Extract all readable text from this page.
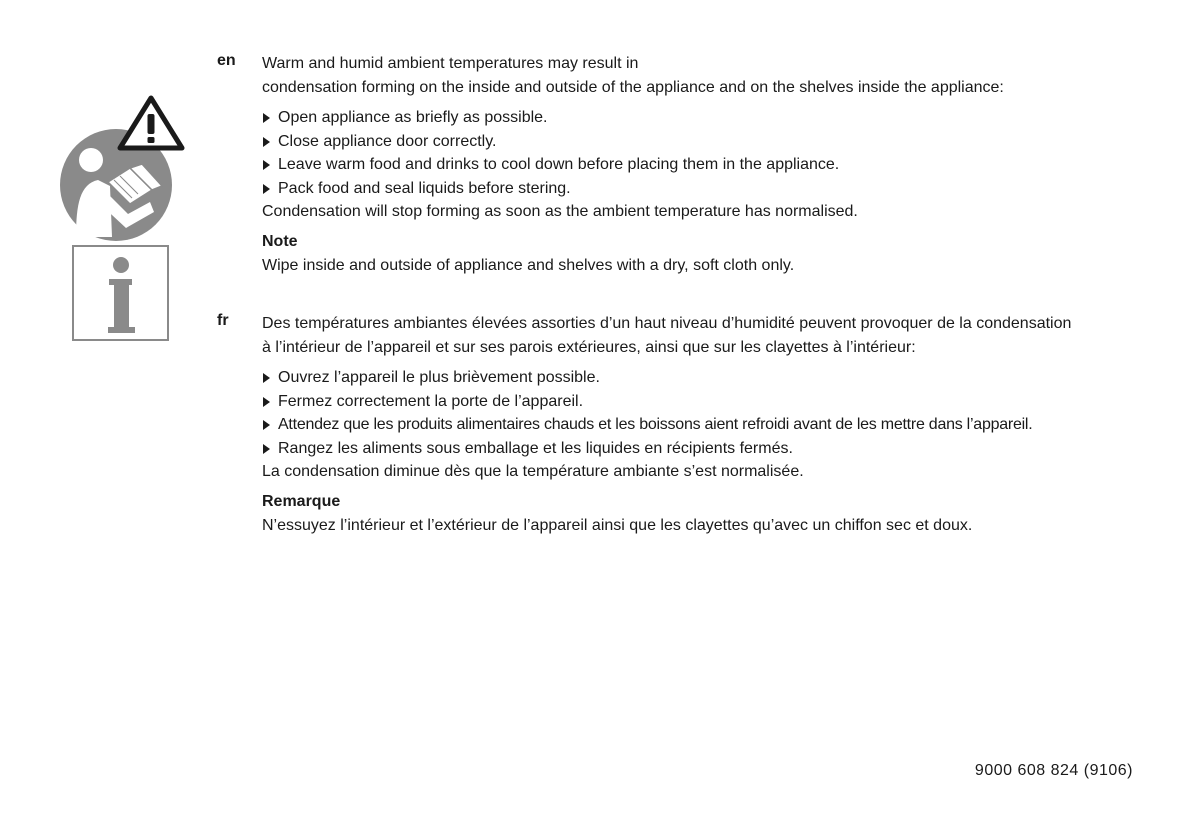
en Warm and humid ambient temperatures may result in

condensation forming on the inside and outside of the appliance and on the shelves inside the appliance:

Open appliance as briefly as possible.
Close appliance door correctly.
Leave warm food and drinks to cool down before placing them in the appliance.
Pack food and seal liquids before stering.

Condensation will stop forming as soon as the ambient temperature has normalised.

Note

Wipe inside and outside of appliance and shelves with a dry, soft cloth only.

fr Des températures ambiantes élevées assorties d’un haut niveau d’humidité peuvent provoquer de la condensation

à l’intérieur de l’appareil et sur ses parois extérieures, ainsi que sur les clayettes à l’intérieur:

Ouvrez l’appareil le plus brièvement possible.
Fermez correctement la porte de l’appareil.
Attendez que les produits alimentaires chauds et les boissons aient refroidi avant de les mettre dans l’appareil.
Rangez les aliments sous emballage et les liquides en récipients fermés.

La condensation diminue dès que la température ambiante s’est normalisée.

Remarque

N’essuyez l’intérieur et l’extérieur de l’appareil ainsi que les clayettes qu’avec un chiffon sec et doux.

9000 608 824 (9106)
